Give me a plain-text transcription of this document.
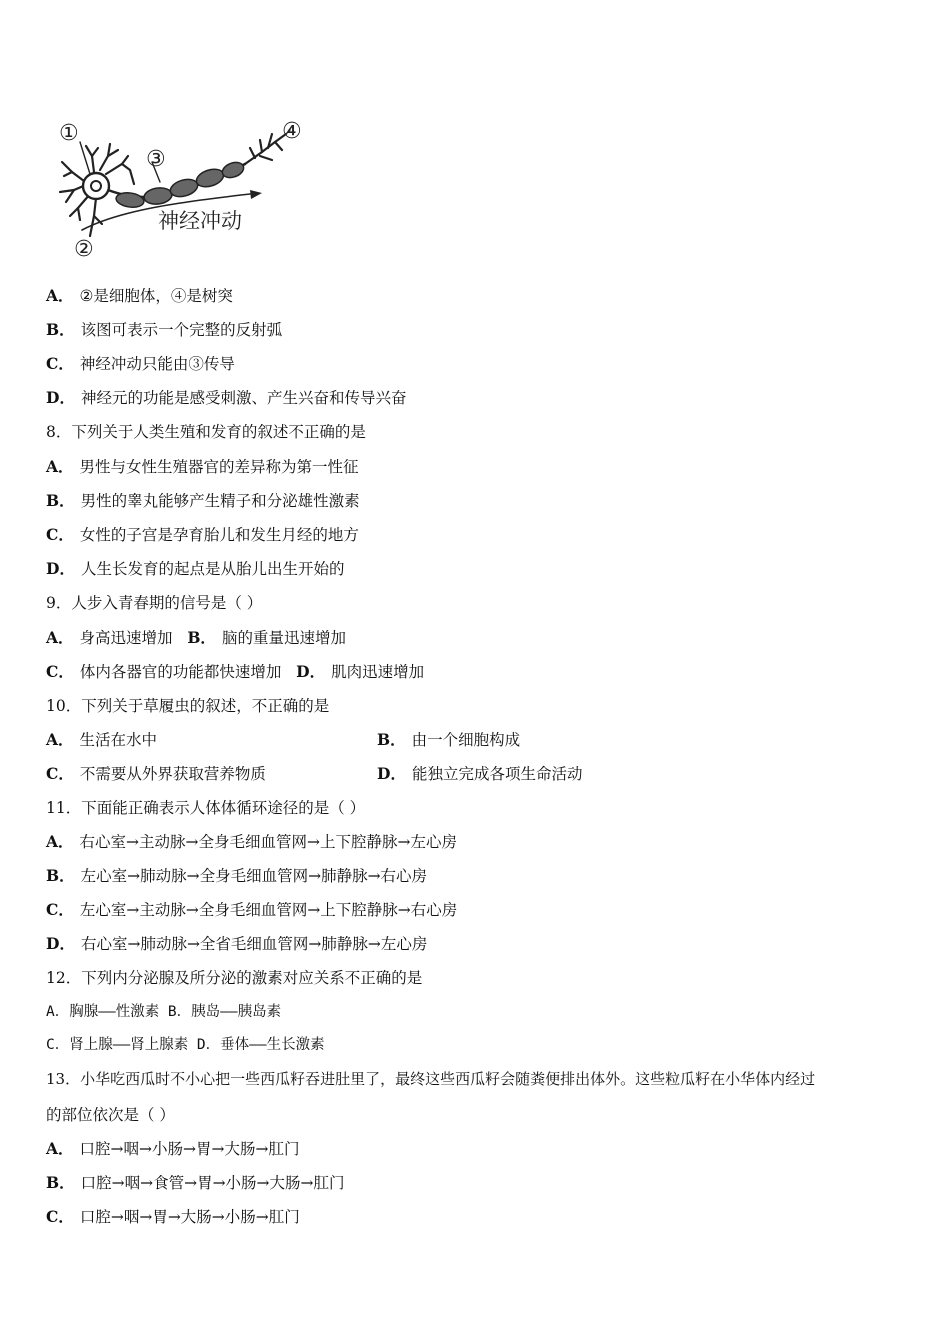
①
②
③
④
神经冲动
A． ②是细胞体，④是树突
B． 该图可表示一个完整的反射弧
C． 神经冲动只能由③传导
D． 神经元的功能是感受刺激、产生兴奋和传导兴奋
8．下列关于人类生殖和发育的叙述不正确的是
A． 男性与女性生殖器官的差异称为第一性征
B． 男性的睾丸能够产生精子和分泌雄性激素
C． 女性的子宫是孕育胎儿和发生月经的地方
D． 人生长发育的起点是从胎儿出生开始的
9．人步入青春期的信号是（ ）
A． 身高迅速增加 B． 脑的重量迅速增加
C． 体内各器官的功能都快速增加 D． 肌肉迅速增加
10．下列关于草履虫的叙述，不正确的是
A． 生活在水中	B． 由一个细胞构成
C． 不需要从外界获取营养物质	D． 能独立完成各项生命活动
11．下面能正确表示人体体循环途径的是（ ）
A． 右心室→主动脉→全身毛细血管网→上下腔静脉→左心房
B． 左心室→肺动脉→全身毛细血管网→肺静脉→右心房
C． 左心室→主动脉→全身毛细血管网→上下腔静脉→右心房
D． 右心室→肺动脉→全省毛细血管网→肺静脉→左心房
12．下列内分泌腺及所分泌的激素对应关系不正确的是
A．胸腺——性激素 B．胰岛——胰岛素
C．肾上腺——肾上腺素 D．垂体——生长激素
13．小华吃西瓜时不小心把一些西瓜籽吞进肚里了，最终这些西瓜籽会随粪便排出体外。这些粒瓜籽在小华体内经过
的部位依次是（ ）
A． 口腔→咽→小肠→胃→大肠→肛门
B． 口腔→咽→食管→胃→小肠→大肠→肛门
C． 口腔→咽→胃→大肠→小肠→肛门
